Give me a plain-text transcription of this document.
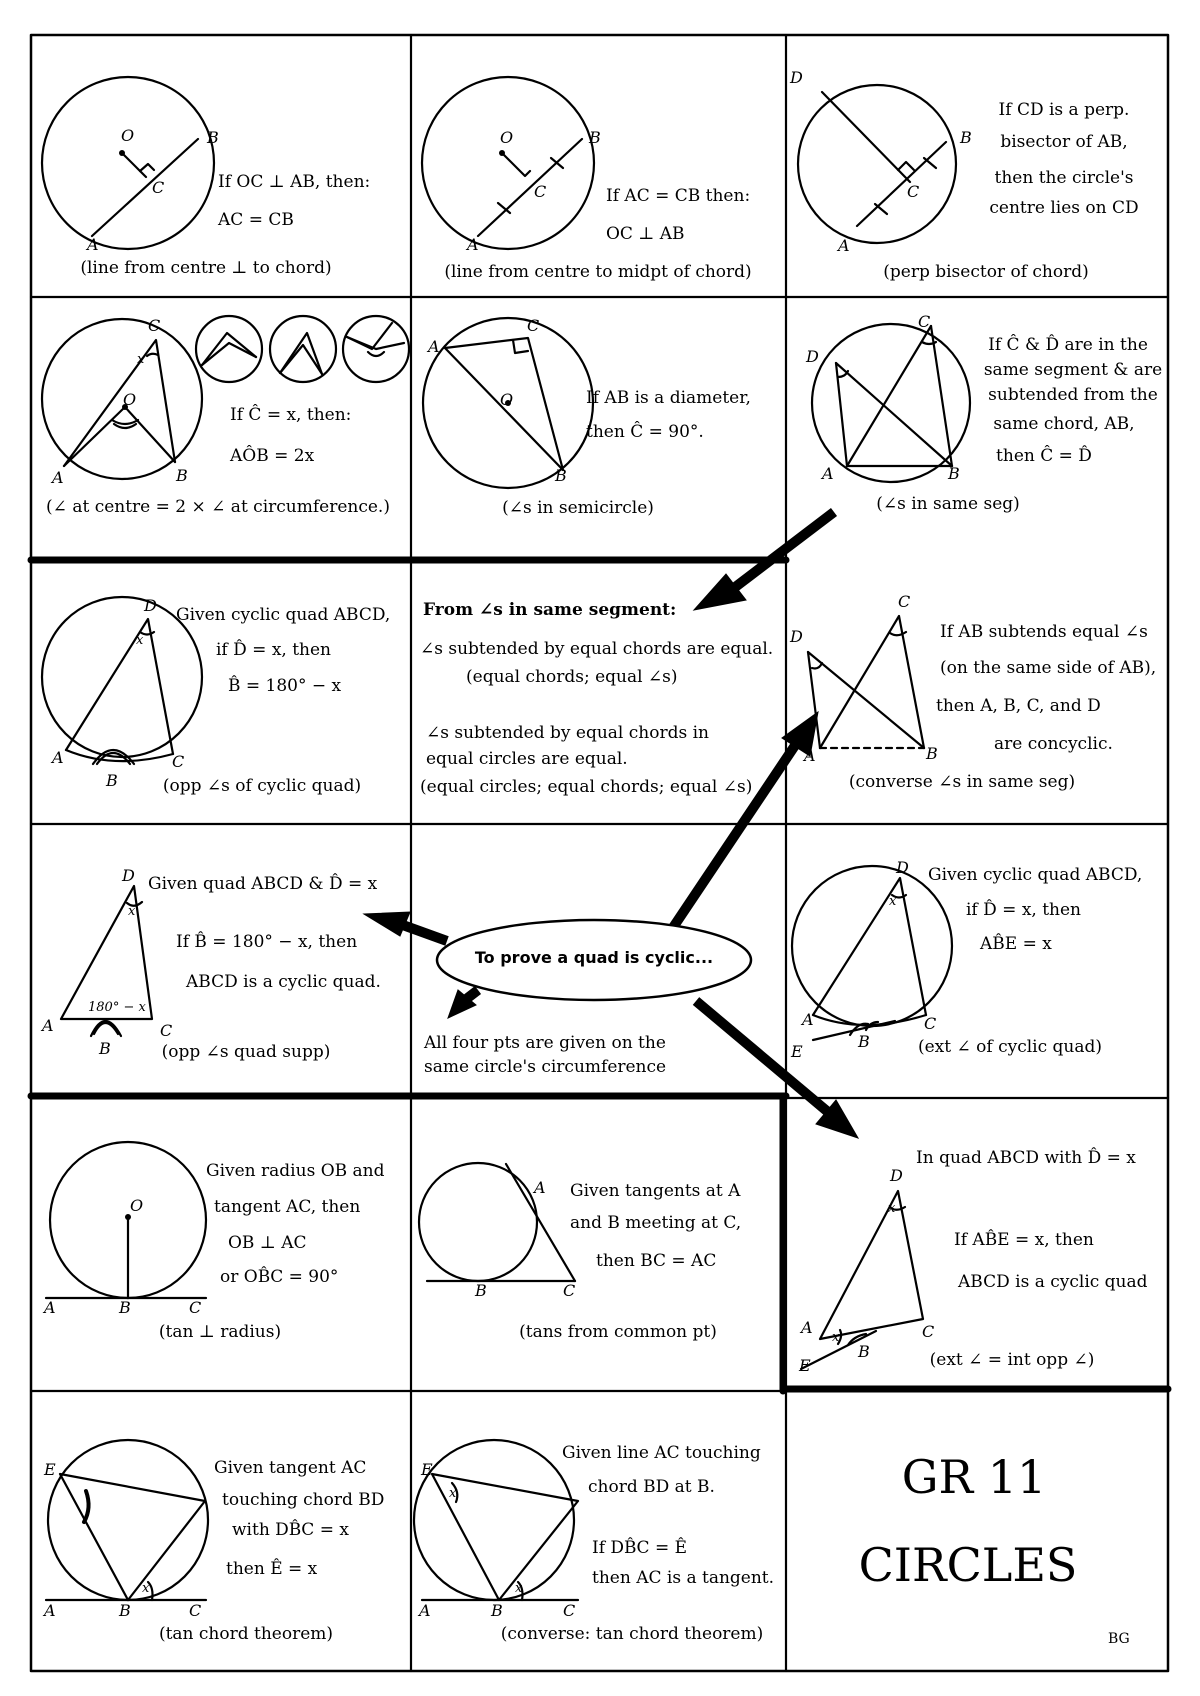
O	B
C
A
O	B
C
A
D
B
C
A
C
x
O
A	B
A
C
O
B
C
D
A	B
D
x
A
B
C
D
C
A	B
D
x
180° − x
A
B
C
D
x
A
B
C
E
O
A	B	C
A
B	C
D
x
A
x
B
C
E
E
A	B	C
x
E
x
A	B	C
x
If OC ⊥ AB, then:
AC = CB
(line from centre ⊥ to chord)
If AC = CB then:
OC ⊥ AB
(line from centre to midpt of chord)
If CD is a perp.
bisector of AB,
then the circle's
centre lies on CD
(perp bisector of chord)
If Ĉ = x, then:
AÔB = 2x
(∠ at centre = 2 × ∠ at circumference.)
If AB is a diameter,
then Ĉ = 90°.
(∠s in semicircle)
If Ĉ & D̂ are in the
same segment & are
subtended from the
same chord, AB,
then Ĉ = D̂
(∠s in same seg)
Given cyclic quad ABCD,
if D̂ = x, then
B̂ = 180° − x
(opp ∠s of cyclic quad)
From ∠s in same segment:
∠s subtended by equal chords are equal.
(equal chords; equal ∠s)
∠s subtended by equal chords in
equal circles are equal.
(equal circles; equal chords; equal ∠s)
If AB subtends equal ∠s
(on the same side of AB),
then A, B, C, and D
are concyclic.
(converse ∠s in same seg)
Given quad ABCD & D̂ = x
If B̂ = 180° − x, then
ABCD is a cyclic quad.
(opp ∠s quad supp)
To prove a quad is cyclic...
All four pts are given on the
same circle's circumference
Given cyclic quad ABCD,
if D̂ = x, then
AB̂E = x
(ext ∠ of cyclic quad)
Given radius OB and
tangent AC, then
OB ⊥ AC
or OB̂C = 90°
(tan ⊥ radius)
Given tangents at A
and B meeting at C,
then BC = AC
(tans from common pt)
In quad ABCD with D̂ = x
If AB̂E = x, then
ABCD is a cyclic quad
(ext ∠ = int opp ∠)
Given tangent AC
touching chord BD
with DB̂C = x
then Ê = x
(tan chord theorem)
Given line AC touching
chord BD at B.
If DB̂C = Ê
then AC is a tangent.
(converse: tan chord theorem)
GR 11
CIRCLES
BG
